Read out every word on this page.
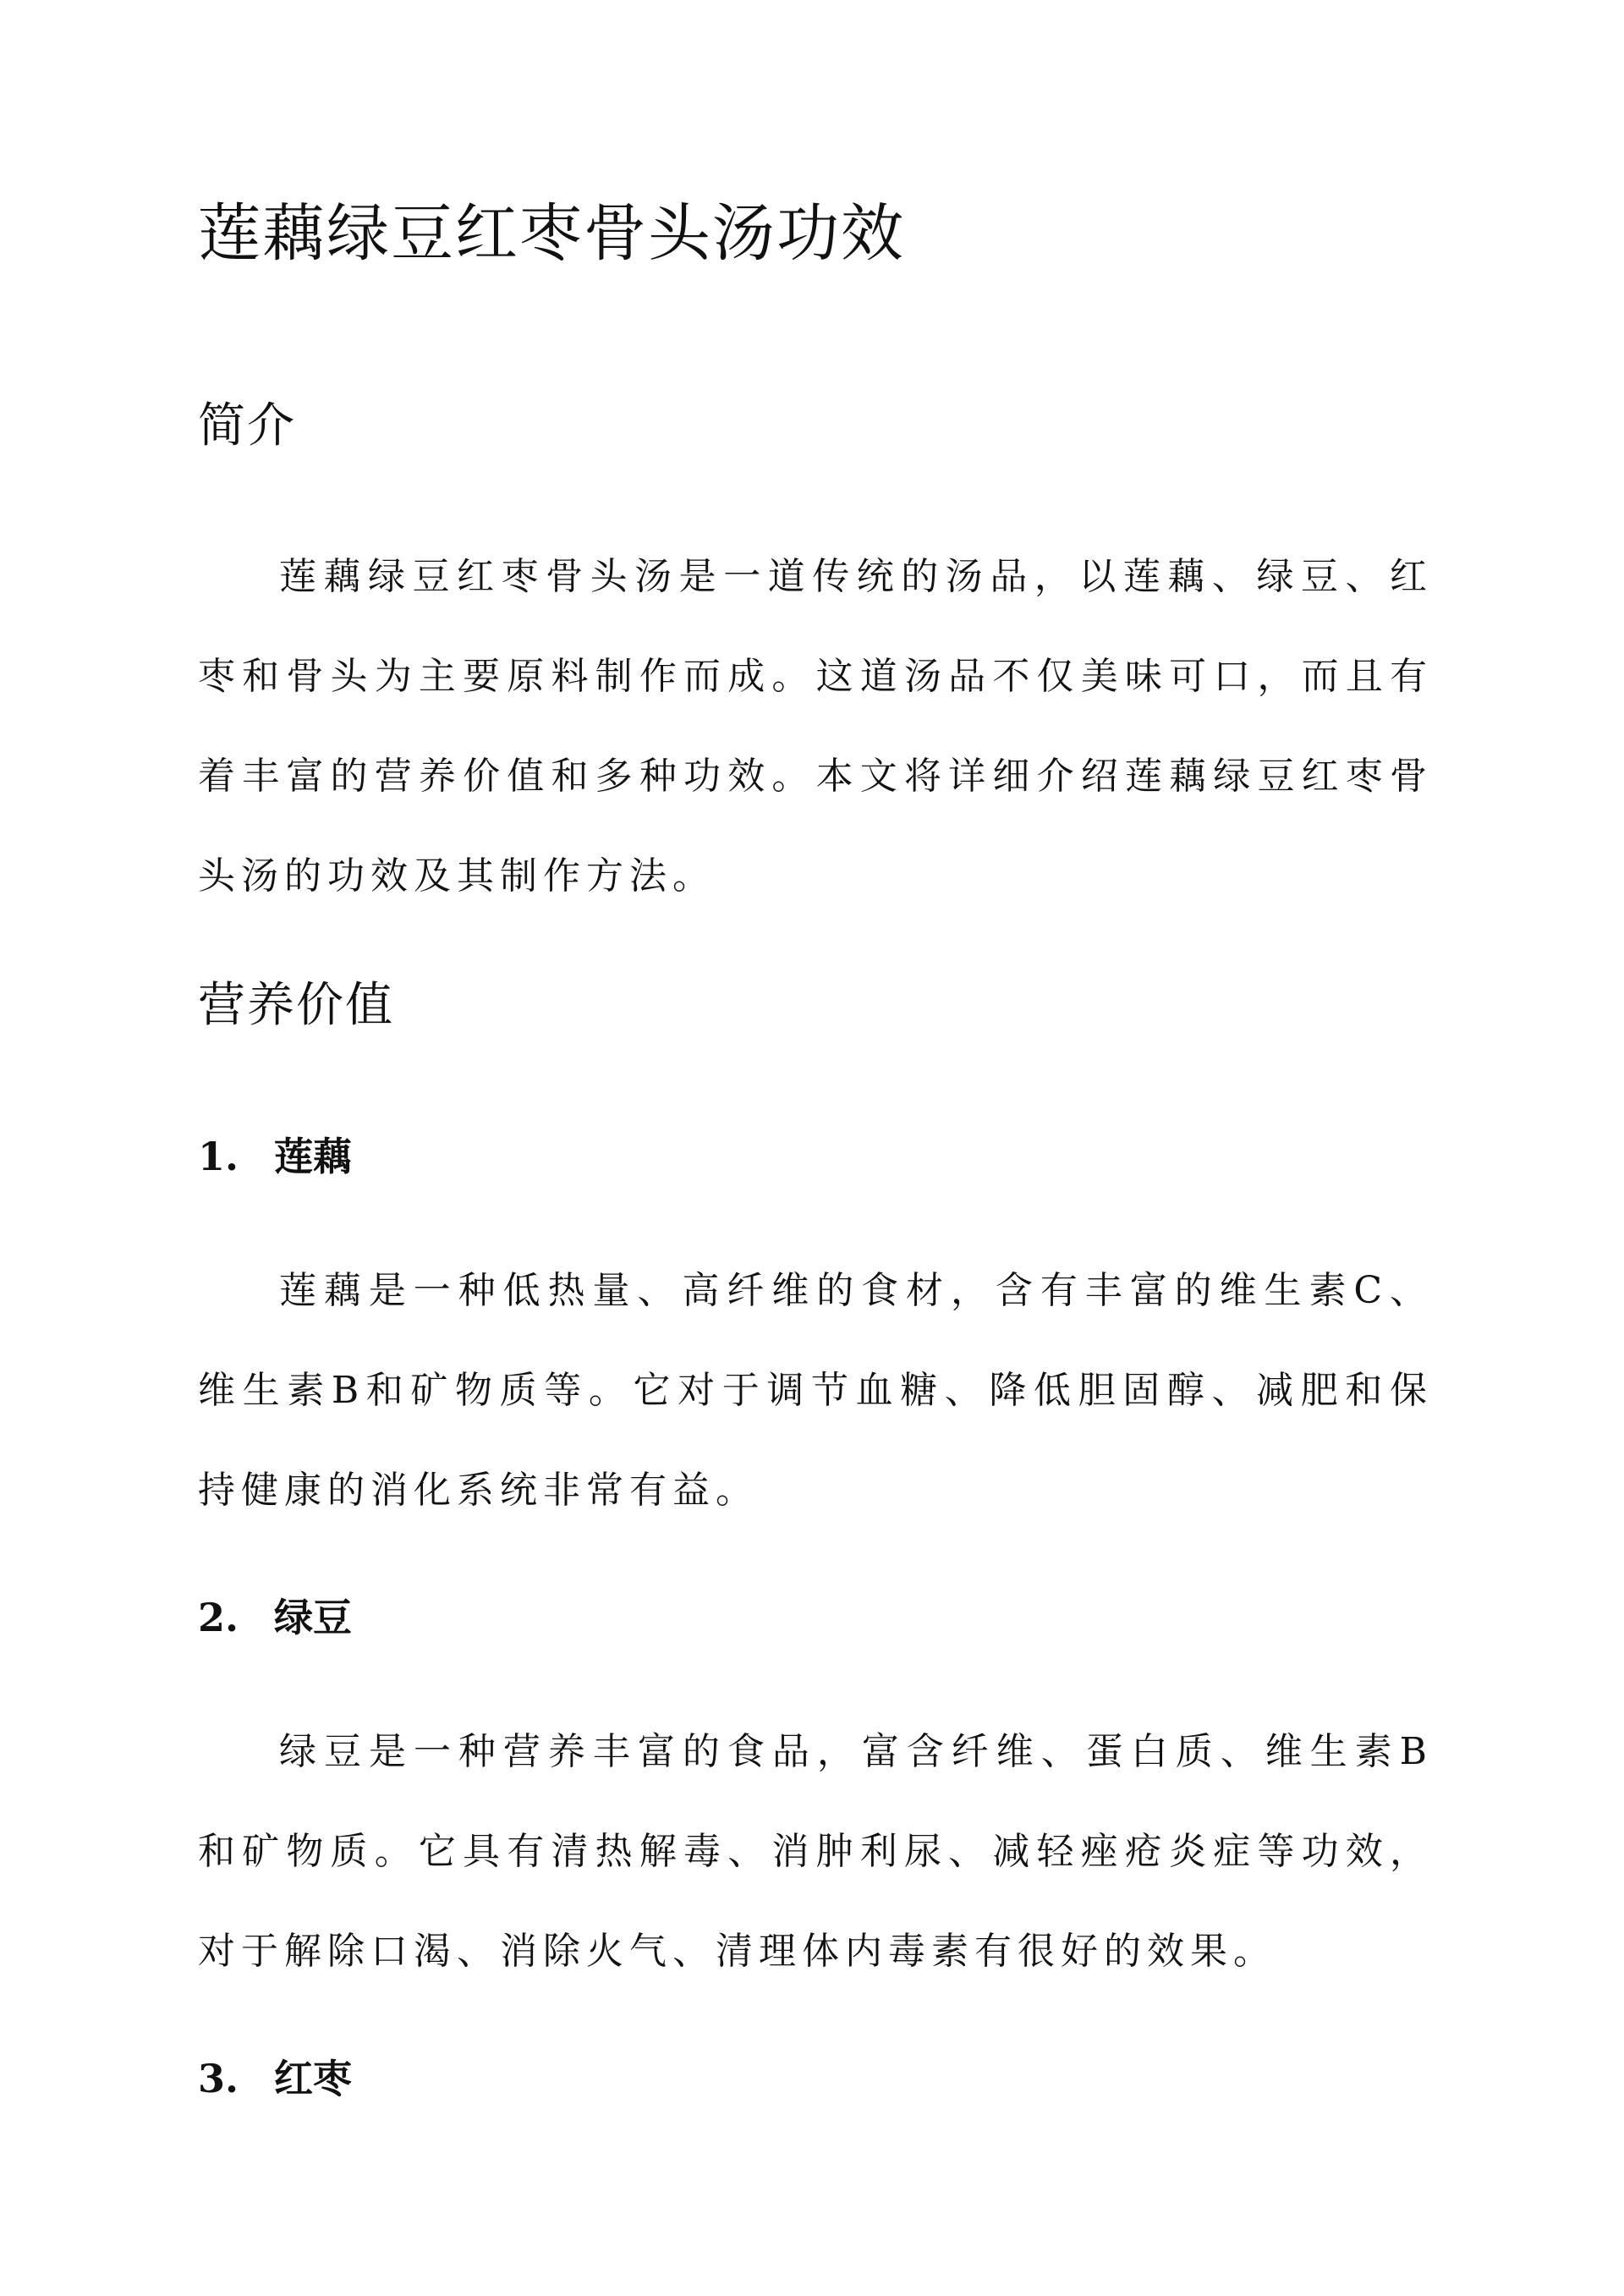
莲藕绿豆红枣骨头汤功效
简介

莲藕绿豆红枣骨头汤是一道传统的汤品，以莲藕、绿豆、红枣和骨头为主要原料制作而成。这道汤品不仅美味可口，而且有着丰富的营养价值和多种功效。本文将详细介绍莲藕绿豆红枣骨头汤的功效及其制作方法。

营养价值
1. 莲藕

莲藕是一种低热量、高纤维的食材，含有丰富的维生素C、维生素B和矿物质等。它对于调节血糖、降低胆固醇、减肥和保持健康的消化系统非常有益。

2. 绿豆

绿豆是一种营养丰富的食品，富含纤维、蛋白质、维生素B和矿物质。它具有清热解毒、消肿利尿、减轻痤疮炎症等功效，对于解除口渴、消除火气、清理体内毒素有很好的效果。

3. 红枣
